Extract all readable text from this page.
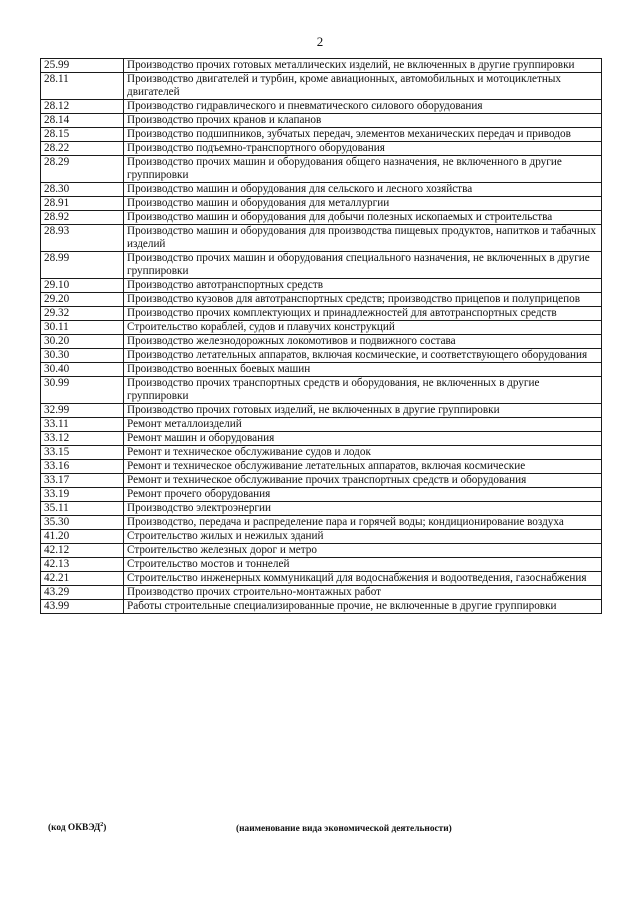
2
25.99	Производство прочих готовых металлических изделий, не включенных в другие группировки
28.11	Производство двигателей и турбин, кроме авиационных, автомобильных и мотоциклетных двигателей
28.12	Производство гидравлического и пневматического силового оборудования
28.14	Производство прочих кранов и клапанов
28.15	Производство подшипников, зубчатых передач, элементов механических передач и приводов
28.22	Производство подъемно-транспортного оборудования
28.29	Производство прочих машин и оборудования общего назначения, не включенного в другие группировки
28.30	Производство машин и оборудования для сельского и лесного хозяйства
28.91	Производство машин и оборудования для металлургии
28.92	Производство машин и оборудования для добычи полезных ископаемых и строительства
28.93	Производство машин и оборудования для производства пищевых продуктов, напитков и табачных изделий
28.99	Производство прочих машин и оборудования специального назначения, не включенных в другие группировки
29.10	Производство автотранспортных средств
29.20	Производство кузовов для автотранспортных средств; производство прицепов и полуприцепов
29.32	Производство прочих комплектующих и принадлежностей для автотранспортных средств
30.11	Строительство кораблей, судов и плавучих конструкций
30.20	Производство железнодорожных локомотивов и подвижного состава
30.30	Производство летательных аппаратов, включая космические, и соответствующего оборудования
30.40	Производство военных боевых машин
30.99	Производство прочих транспортных средств и оборудования, не включенных в другие группировки
32.99	Производство прочих готовых изделий, не включенных в другие группировки
33.11	Ремонт металлоизделий
33.12	Ремонт машин и оборудования
33.15	Ремонт и техническое обслуживание судов и лодок
33.16	Ремонт и техническое обслуживание летательных аппаратов, включая космические
33.17	Ремонт и техническое обслуживание прочих транспортных средств и оборудования
33.19	Ремонт прочего оборудования
35.11	Производство электроэнергии
35.30	Производство, передача и распределение пара и горячей воды; кондиционирование воздуха
41.20	Строительство жилых и нежилых зданий
42.12	Строительство железных дорог и метро
42.13	Строительство мостов и тоннелей
42.21	Строительство инженерных коммуникаций для водоснабжения и водоотведения, газоснабжения
43.29	Производство прочих строительно-монтажных работ
43.99	Работы строительные специализированные прочие, не включенные в другие группировки
(код ОКВЭД$^2$)	(наименование вида экономической деятельности)
